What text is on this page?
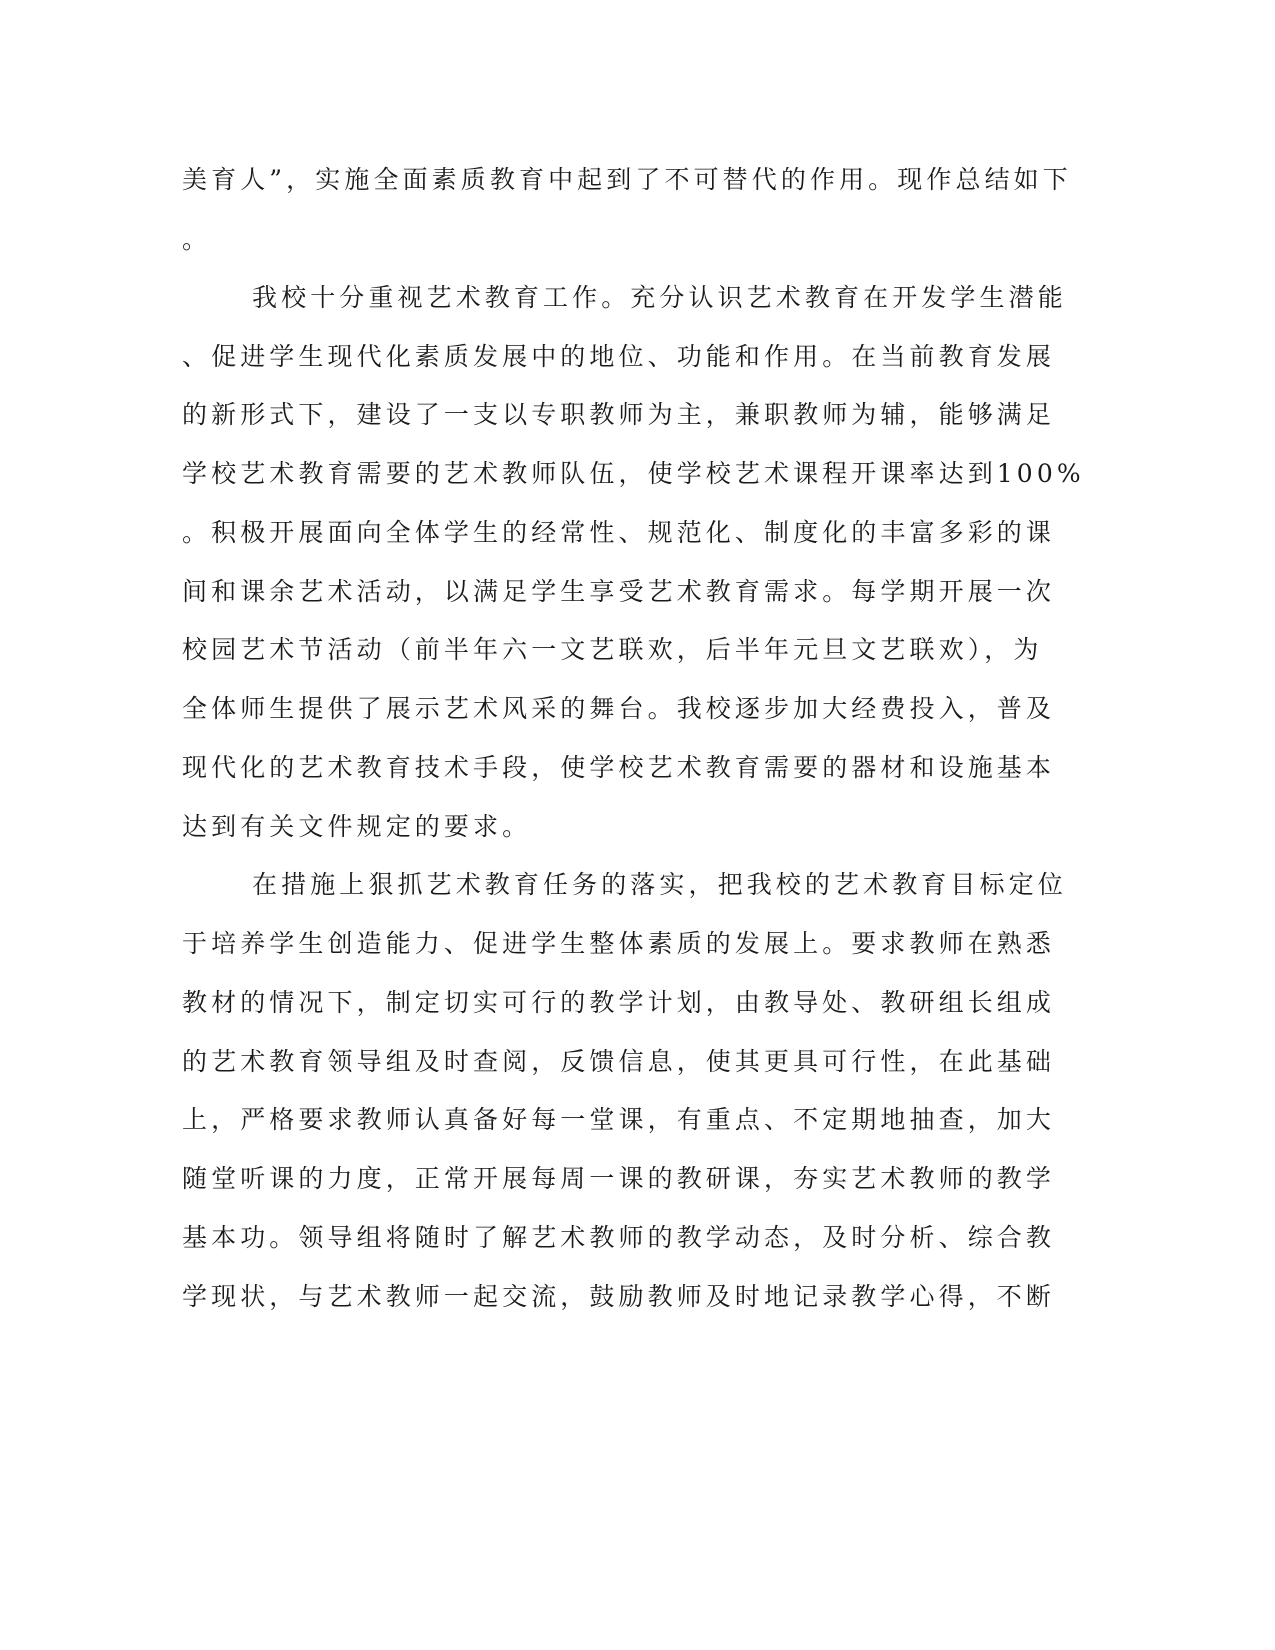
美育人”，实施全面素质教育中起到了不可替代的作用。现作总结如下

。

我校十分重视艺术教育工作。充分认识艺术教育在开发学生潜能

、促进学生现代化素质发展中的地位、功能和作用。在当前教育发展

的新形式下，建设了一支以专职教师为主，兼职教师为辅，能够满足

学校艺术教育需要的艺术教师队伍，使学校艺术课程开课率达到100%

。积极开展面向全体学生的经常性、规范化、制度化的丰富多彩的课

间和课余艺术活动，以满足学生享受艺术教育需求。每学期开展一次

校园艺术节活动（前半年六一文艺联欢，后半年元旦文艺联欢），为

全体师生提供了展示艺术风采的舞台。我校逐步加大经费投入，普及

现代化的艺术教育技术手段，使学校艺术教育需要的器材和设施基本

达到有关文件规定的要求。

在措施上狠抓艺术教育任务的落实，把我校的艺术教育目标定位

于培养学生创造能力、促进学生整体素质的发展上。要求教师在熟悉

教材的情况下，制定切实可行的教学计划，由教导处、教研组长组成

的艺术教育领导组及时查阅，反馈信息，使其更具可行性，在此基础

上，严格要求教师认真备好每一堂课，有重点、不定期地抽查，加大

随堂听课的力度，正常开展每周一课的教研课，夯实艺术教师的教学

基本功。领导组将随时了解艺术教师的教学动态，及时分析、综合教

学现状，与艺术教师一起交流，鼓励教师及时地记录教学心得，不断
